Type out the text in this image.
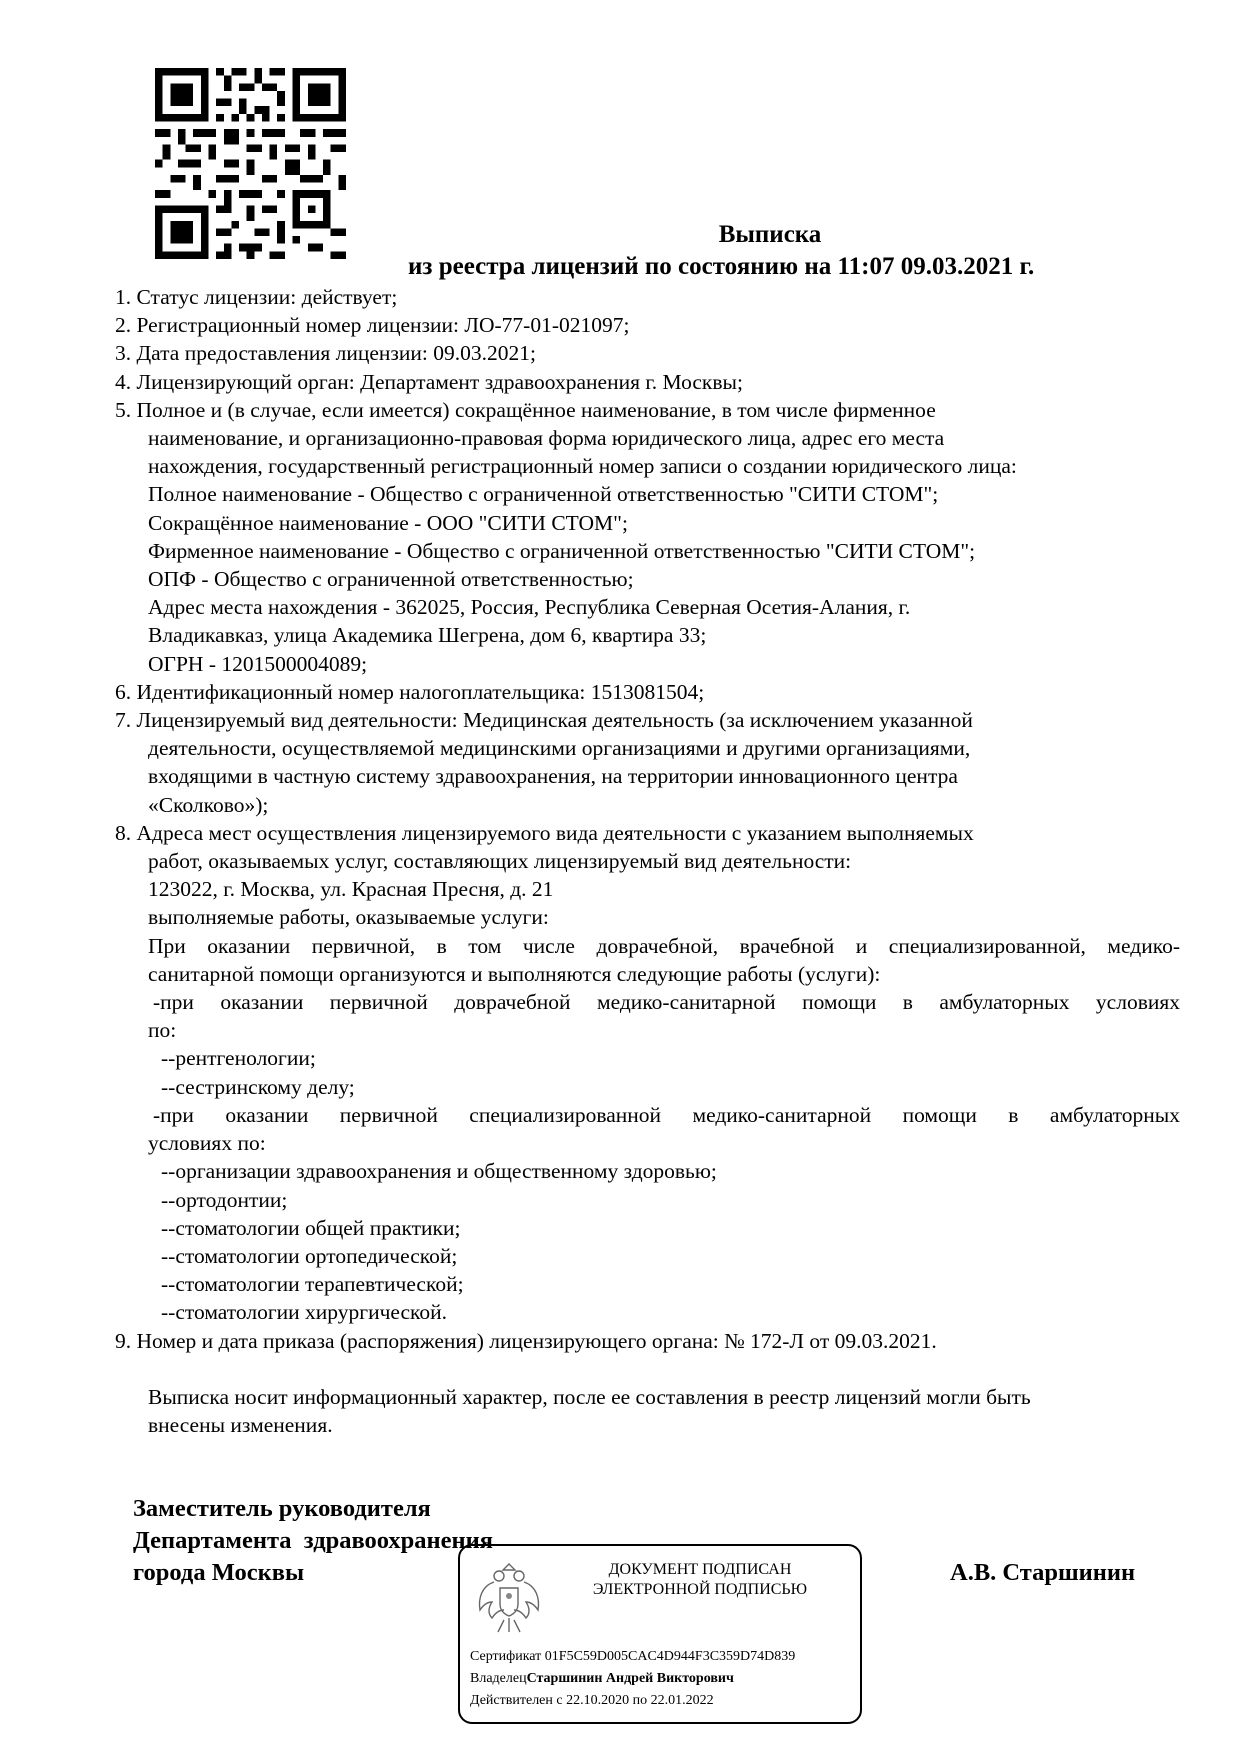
Выписка
из реестра лицензий по состоянию на 11:07 09.03.2021 г.
1. Статус лицензии: действует;
2. Регистрационный номер лицензии: ЛО-77-01-021097;
3. Дата предоставления лицензии: 09.03.2021;
4. Лицензирующий орган: Департамент здравоохранения г. Москвы;
5. Полное и (в случае, если имеется) сокращённое наименование, в том числе фирменное
наименование, и организационно-правовая форма юридического лица, адрес его места
нахождения, государственный регистрационный номер записи о создании юридического лица:
Полное наименование - Общество с ограниченной ответственностью "СИТИ СТОМ";
Сокращённое наименование - ООО "СИТИ СТОМ";
Фирменное наименование - Общество с ограниченной ответственностью "СИТИ СТОМ";
ОПФ - Общество с ограниченной ответственностью;
Адрес места нахождения - 362025, Россия, Республика Северная Осетия-Алания, г.
Владикавказ, улица Академика Шегрена, дом 6, квартира 33;
ОГРН - 1201500004089;
6. Идентификационный номер налогоплательщика: 1513081504;
7. Лицензируемый вид деятельности: Медицинская деятельность (за исключением указанной
деятельности, осуществляемой медицинскими организациями и другими организациями,
входящими в частную систему здравоохранения, на территории инновационного центра
«Сколково»);
8. Адреса мест осуществления лицензируемого вида деятельности с указанием выполняемых
работ, оказываемых услуг, составляющих лицензируемый вид деятельности:
123022, г. Москва, ул. Красная Пресня, д. 21
выполняемые работы, оказываемые услуги:
При оказании первичной, в том числе доврачебной, врачебной и специализированной, медико-
санитарной помощи организуются и выполняются следующие работы (услуги):
-при оказании первичной доврачебной медико-санитарной помощи в амбулаторных условиях
по:
--рентгенологии;
--сестринскому делу;
-при оказании первичной специализированной медико-санитарной помощи в амбулаторных
условиях по:
--организации здравоохранения и общественному здоровью;
--ортодонтии;
--стоматологии общей практики;
--стоматологии ортопедической;
--стоматологии терапевтической;
--стоматологии хирургической.
9. Номер и дата приказа (распоряжения) лицензирующего органа: № 172-Л от 09.03.2021.
Выписка носит информационный характер, после ее составления в реестр лицензий могли быть
внесены изменения.
Заместитель руководителя
Департамента  здравоохранения
города Москвы	А.В. Старшинин
ДОКУМЕНТ ПОДПИСАН
ЭЛЕКТРОННОЙ ПОДПИСЬЮ
Сертификат 01F5C59D005CAC4D944F3C359D74D839
ВладелецСтаршинин Андрей Викторович
Действителен с 22.10.2020 по 22.01.2022
